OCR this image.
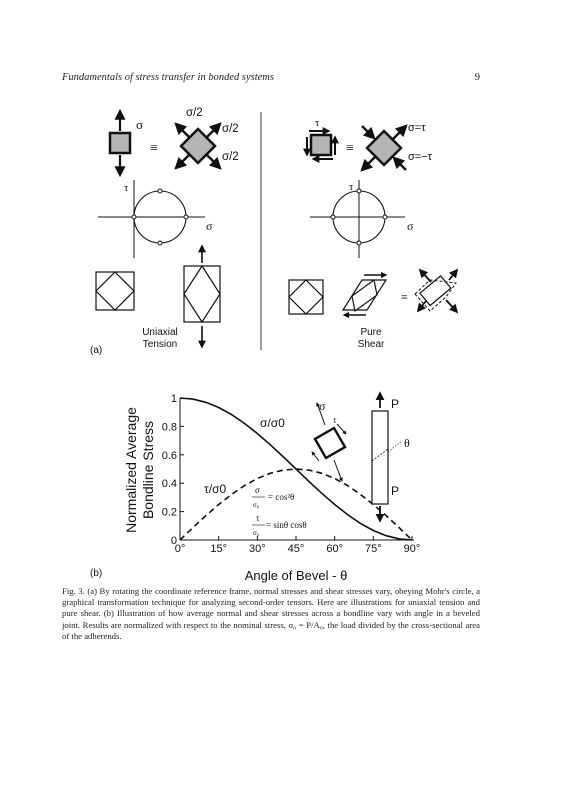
Fundamentals of stress transfer in bonded systems	9
σ
≡
σ/2
σ/2
σ/2
τ
σ
Uniaxial
Tension
(a)
τ
≡
σ=τ
σ=−τ
τ
σ
≡
Pure
Shear
(b)
Normalized Average Bondline Stress
0
0.2
0.4
0.6
0.8
1
0° 15° 30° 45° 60° 75° 90°
σ/σ0
τ/σ0	σ
σ₀
= cos²θ
τ
σ₀
= sinθ cosθ
Angle of Bevel - θ
σ
τ
P
P
θ
Fig. 3. (a) By rotating the coordinate reference frame, normal stresses and shear stresses vary, obeying Mohr's circle, a graphical transformation technique for analyzing second-order tensors. Here are illustrations for uniaxial tension and pure shear. (b) Illustration of how average normal and shear stresses across a bondline vary with angle in a beveled joint. Results are normalized with respect to the nominal stress, σ₀ = P/A₀, the load divided by the cross-sectional area of the adherends.
